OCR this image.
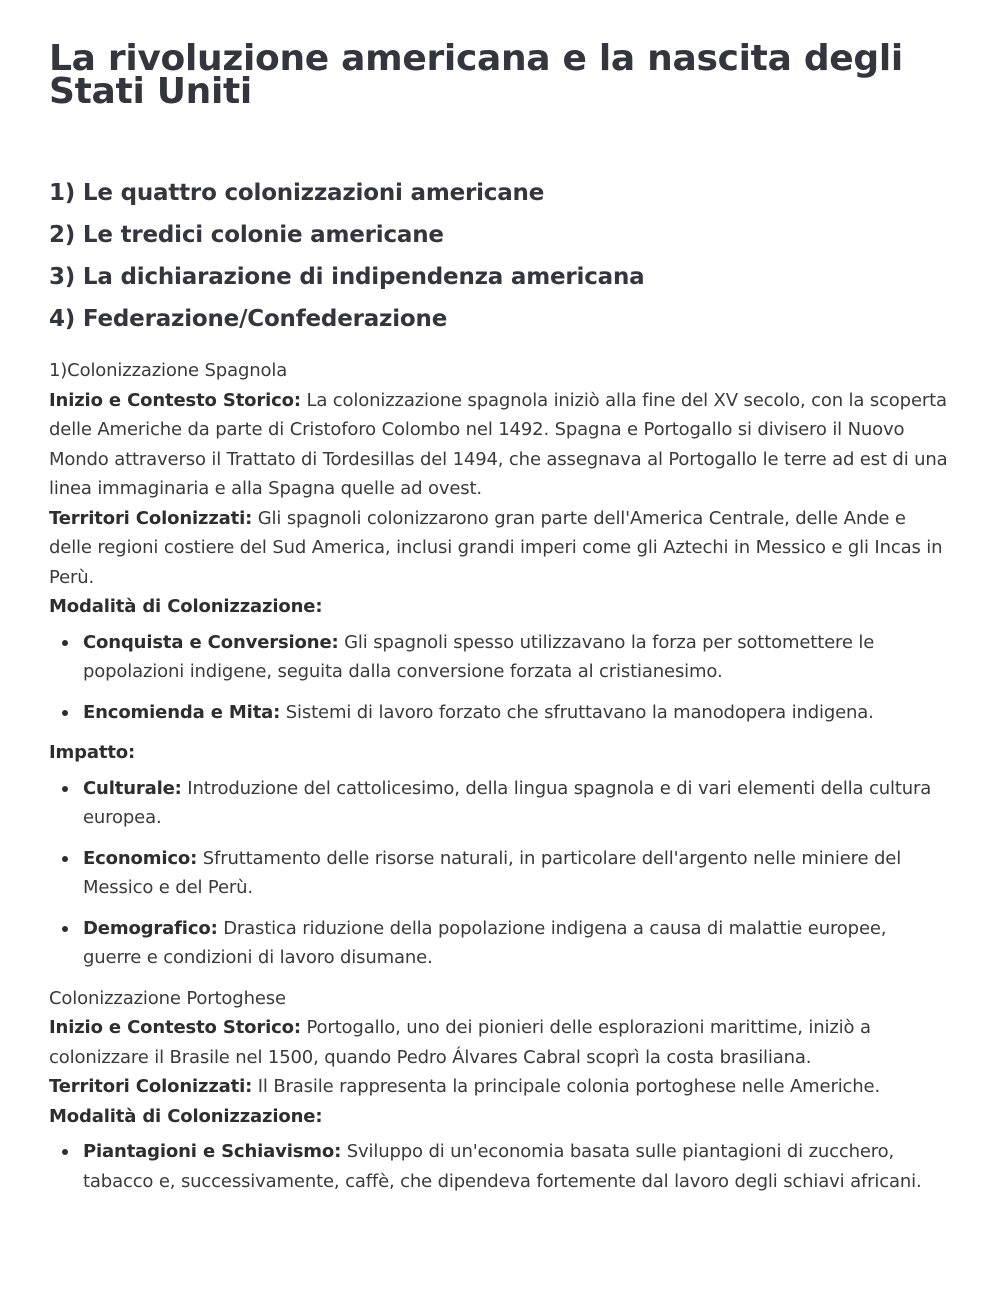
La rivoluzione americana e la nascita degli Stati Uniti
1) Le quattro colonizzazioni americane
2) Le tredici colonie americane
3) La dichiarazione di indipendenza americana
4) Federazione/Confederazione

1)Colonizzazione Spagnola

Inizio e Contesto Storico: La colonizzazione spagnola iniziò alla fine del XV secolo, con la scoperta delle Americhe da parte di Cristoforo Colombo nel 1492. Spagna e Portogallo si divisero il Nuovo Mondo attraverso il Trattato di Tordesillas del 1494, che assegnava al Portogallo le terre ad est di una linea immaginaria e alla Spagna quelle ad ovest.

Territori Colonizzati: Gli spagnoli colonizzarono gran parte dell'America Centrale, delle Ande e delle regioni costiere del Sud America, inclusi grandi imperi come gli Aztechi in Messico e gli Incas in Perù.

Modalità di Colonizzazione:

Conquista e Conversione: Gli spagnoli spesso utilizzavano la forza per sottomettere le popolazioni indigene, seguita dalla conversione forzata al cristianesimo.
Encomienda e Mita: Sistemi di lavoro forzato che sfruttavano la manodopera indigena.

Impatto:

Culturale: Introduzione del cattolicesimo, della lingua spagnola e di vari elementi della cultura europea.
Economico: Sfruttamento delle risorse naturali, in particolare dell'argento nelle miniere del Messico e del Perù.
Demografico: Drastica riduzione della popolazione indigena a causa di malattie europee, guerre e condizioni di lavoro disumane.

Colonizzazione Portoghese

Inizio e Contesto Storico: Portogallo, uno dei pionieri delle esplorazioni marittime, iniziò a colonizzare il Brasile nel 1500, quando Pedro Álvares Cabral scoprì la costa brasiliana.

Territori Colonizzati: Il Brasile rappresenta la principale colonia portoghese nelle Americhe.

Modalità di Colonizzazione:

Piantagioni e Schiavismo: Sviluppo di un'economia basata sulle piantagioni di zucchero, tabacco e, successivamente, caffè, che dipendeva fortemente dal lavoro degli schiavi africani.
